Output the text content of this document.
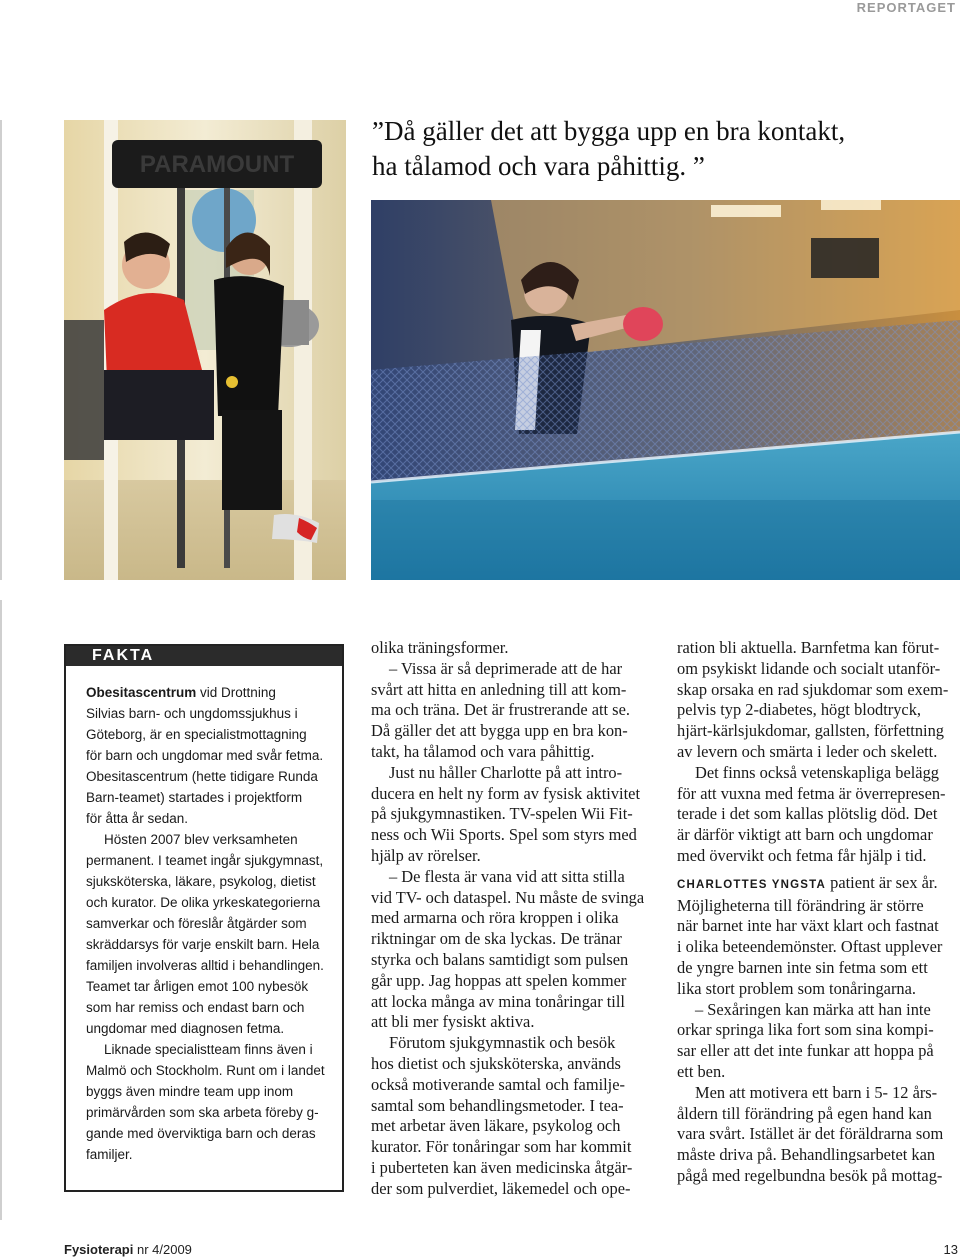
REPORTAGET
”Då gäller det att bygga upp en bra kontakt,
ha tålamod och vara påhittig. ”
PARAMOUNT
FAKTA
Obesitascentrum vid Drottning
Silvias barn- och ungdomssjukhus i
Göteborg, är en specialistmottagning
för barn och ungdomar med svår fetma.
Obesitascentrum (hette tidigare Runda
Barn-teamet) startades i projektform
för åtta år sedan.
Hösten 2007 blev verksamheten
permanent. I teamet ingår sjukgymnast,
sjuksköterska, läkare, psykolog, dietist
och kurator. De olika yrkeskategorierna
samverkar och föreslår åtgärder som
skräddarsys för varje enskilt barn. Hela
familjen involveras alltid i behandlingen.
Teamet tar årligen emot 100 nybesök
som har remiss och endast barn och
ungdomar med diagnosen fetma.
Liknade specialistteam finns även i
Malmö och Stockholm. Runt om i landet
byggs även mindre team upp inom
primärvården som ska arbeta föreby g-
gande med överviktiga barn och deras
familjer.
olika träningsformer.
– Vissa är så deprimerade att de har
svårt att hitta en anledning till att kom-
ma och träna. Det är frustrerande att se.
Då gäller det att bygga upp en bra kon-
takt, ha tålamod och vara påhittig.
Just nu håller Charlotte på att intro-
ducera en helt ny form av fysisk aktivitet
på sjukgymnastiken. TV-spelen Wii Fit-
ness och Wii Sports. Spel som styrs med
hjälp av rörelser.
– De flesta är vana vid att sitta stilla
vid TV- och dataspel. Nu måste de svinga
med armarna och röra kroppen i olika
riktningar om de ska lyckas. De tränar
styrka och balans samtidigt som pulsen
går upp. Jag hoppas att spelen kommer
att locka många av mina tonåringar till
att bli mer fysiskt aktiva.
Förutom sjukgymnastik och besök
hos dietist och sjuksköterska, används
också motiverande samtal och familje-
samtal som behandlingsmetoder. I tea-
met arbetar även läkare, psykolog och
kurator. För tonåringar som har kommit
i puberteten kan även medicinska åtgär-
der som pulverdiet, läkemedel och ope-
ration bli aktuella. Barnfetma kan förut-
om psykiskt lidande och socialt utanför-
skap orsaka en rad sjukdomar som exem-
pelvis typ 2-diabetes, högt blodtryck,
hjärt-kärlsjukdomar, gallsten, förfettning
av levern och smärta i leder och skelett.
Det finns också vetenskapliga belägg
för att vuxna med fetma är överrepresen-
terade i det som kallas plötslig död. Det
är därför viktigt att barn och ungdomar
med övervikt och fetma får hjälp i tid.
CHARLOTTES YNGSTA patient är sex år.
Möjligheterna till förändring är större
när barnet inte har växt klart och fastnat
i olika beteendemönster. Oftast upplever
de yngre barnen inte sin fetma som ett
lika stort problem som tonåringarna.
– Sexåringen kan märka att han inte
orkar springa lika fort som sina kompi-
sar eller att det inte funkar att hoppa på
ett ben.
Men att motivera ett barn i 5- 12 års-
åldern till förändring på egen hand kan
vara svårt. Istället är det föräldrarna som
måste driva på. Behandlingsarbetet kan
pågå med regelbundna besök på mottag-
Fysioterapi nr 4/2009	13
